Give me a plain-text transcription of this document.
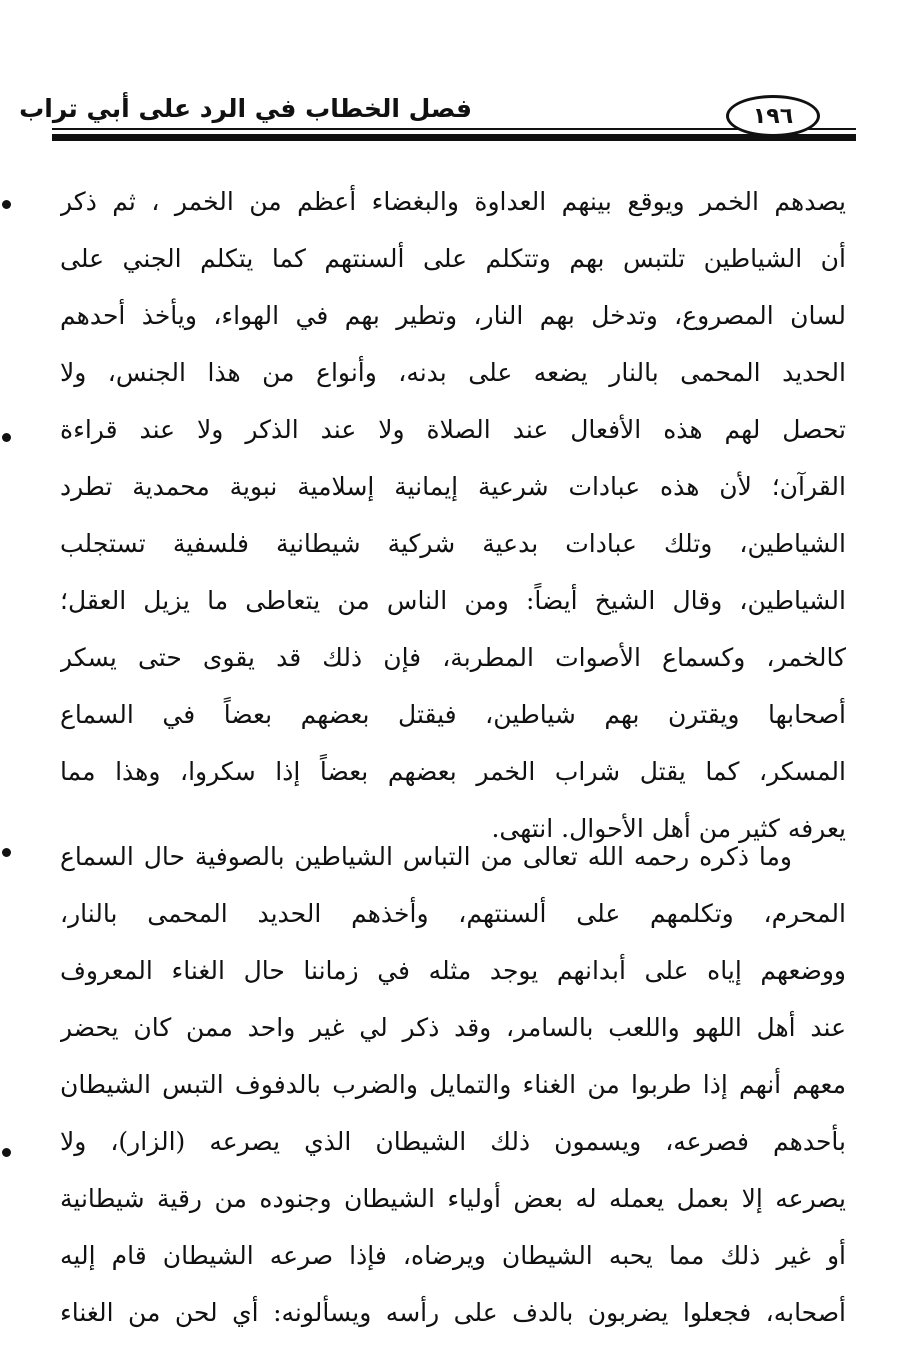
فصل الخطاب في الرد على أبي تراب	١٩٦
يصدهم الخمر ويوقع بينهم العداوة والبغضاء أعظم من الخمر ، ثم ذكر
أن الشياطين تلتبس بهم وتتكلم على ألسنتهم كما يتكلم الجني على
لسان المصروع، وتدخل بهم النار، وتطير بهم في الهواء، ويأخذ أحدهم
الحديد المحمى بالنار يضعه على بدنه، وأنواع من هذا الجنس، ولا
تحصل لهم هذه الأفعال عند الصلاة ولا عند الذكر ولا عند قراءة
القرآن؛ لأن هذه عبادات شرعية إيمانية إسلامية نبوية محمدية تطرد
الشياطين، وتلك عبادات بدعية شركية شيطانية فلسفية تستجلب
الشياطين، وقال الشيخ أيضاً: ومن الناس من يتعاطى ما يزيل العقل؛
كالخمر، وكسماع الأصوات المطربة، فإن ذلك قد يقوى حتى يسكر
أصحابها ويقترن بهم شياطين، فيقتل بعضهم بعضاً في السماع
المسكر، كما يقتل شراب الخمر بعضهم بعضاً إذا سكروا، وهذا مما
يعرفه كثير من أهل الأحوال. انتهى.
وما ذكره رحمه الله تعالى من التباس الشياطين بالصوفية حال السماع
المحرم، وتكلمهم على ألسنتهم، وأخذهم الحديد المحمى بالنار،
ووضعهم إياه على أبدانهم يوجد مثله في زماننا حال الغناء المعروف
عند أهل اللهو واللعب بالسامر، وقد ذكر لي غير واحد ممن كان يحضر
معهم أنهم إذا طربوا من الغناء والتمايل والضرب بالدفوف التبس الشيطان
بأحدهم فصرعه، ويسمون ذلك الشيطان الذي يصرعه (الزار)، ولا
يصرعه إلا بعمل يعمله له بعض أولياء الشيطان وجنوده من رقية شيطانية
أو غير ذلك مما يحبه الشيطان ويرضاه، فإذا صرعه الشيطان قام إليه
أصحابه، فجعلوا يضربون بالدف على رأسه ويسألونه: أي لحن من الغناء
